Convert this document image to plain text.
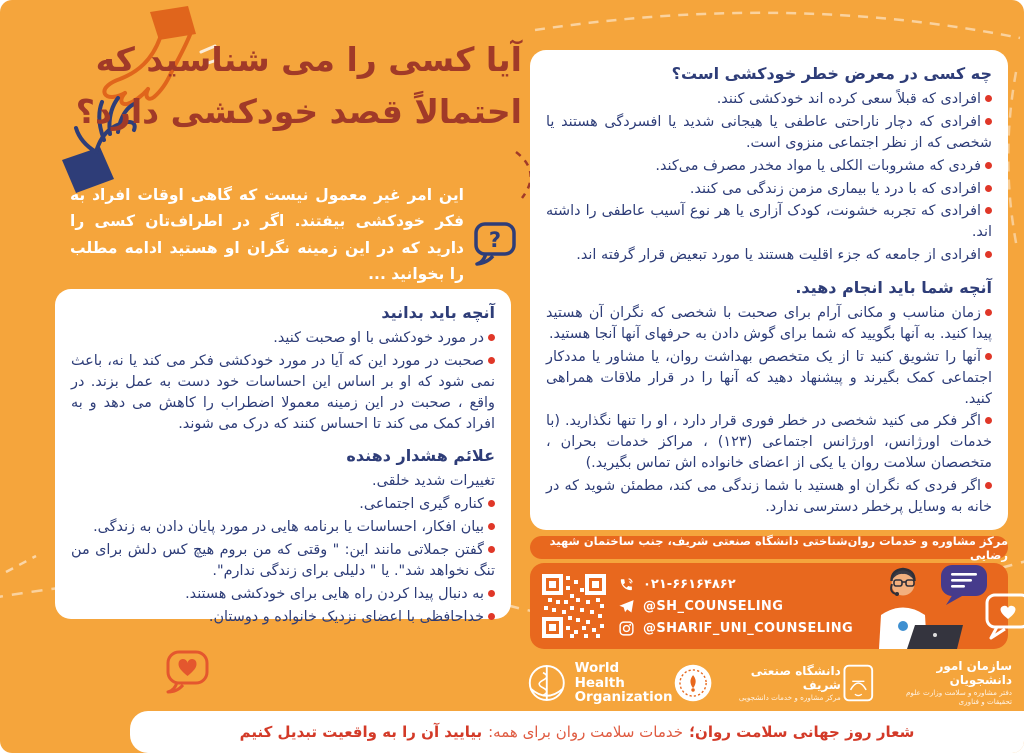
آیا کسی را می شناسید که
احتمالاً قصد خودکشی دارد؟
این امر غیر معمول نیست که گاهی اوقات افراد به فکر خودکشی بیفتند. اگر در اطراف‌تان کسی را دارید که در این زمینه نگران او هستید ادامه مطلب را بخوانید ...
?
چه کسی در معرض خطر خودکشی است؟
افرادی که قبلاً سعی کرده اند خودکشی کنند.
افرادی که دچار ناراحتی عاطفی یا هیجانی شدید یا افسردگی هستند یا شخصی که از نظر اجتماعی منزوی است.
فردی که مشروبات الکلی یا مواد مخدر مصرف می‌کند.
افرادی که با درد یا بیماری مزمن زندگی می کنند.
افرادی که تجربه خشونت، کودک آزاری یا هر نوع آسیب عاطفی را داشته اند.
افرادی از جامعه که جزء اقلیت هستند یا مورد تبعیض قرار گرفته اند.
آنچه شما باید انجام دهید.
زمان مناسب و مکانی آرام برای صحبت با شخصی که نگران آن هستید پیدا کنید. به آنها بگویید که شما برای گوش دادن به حرفهای آنها آنجا هستید.
آنها را تشویق کنید تا از یک متخصص بهداشت روان، یا مشاور یا مددکار اجتماعی کمک بگیرند و پیشنهاد دهید که آنها را در قرار ملاقات همراهی کنید.
اگر فکر می کنید شخصی در خطر فوری قرار دارد ، او را تنها نگذارید. (با خدمات اورژانس، اورژانس اجتماعی (۱۲۳) ، مراکز خدمات بحران ، متخصصان سلامت روان یا یکی از اعضای خانواده اش تماس بگیرید.)
اگر فردی که نگران او هستید با شما زندگی می کند، مطمئن شوید که در خانه به وسایل پرخطر دسترسی ندارد.
آنچه باید بدانید
در مورد خودکشی با او صحبت کنید.
صحبت در مورد این که آیا در مورد خودکشی فکر می کند یا نه، باعث نمی شود که او بر اساس این احساسات خود دست به عمل بزند. در واقع ، صحبت در این زمینه معمولا اضطراب را کاهش می دهد و به افراد کمک می کند تا احساس کنند که درک می شوند.
علائم هشدار دهنده
تغییرات شدید خلقی.
کناره گیری اجتماعی.
بیان افکار، احساسات یا برنامه هایی در مورد پایان دادن به زندگی.
گفتن جملاتی مانند این: " وقتی که من بروم هیچ کس دلش برای من تنگ نخواهد شد". یا " دلیلی برای زندگی ندارم".
به دنبال پیدا کردن راه هایی برای خودکشی هستند.
خداحافظی با اعضای نزدیک خانواده و دوستان.
مرکز مشاوره و خدمات روان‌شناختی دانشگاه صنعتی شریف، جنب ساختمان شهید رضایی
۰۲۱-۶۶۱۶۴۸۶۲
@SH_COUNSELING
@SHARIF_UNI_COUNSELING
World Health
Organization
دانشگاه صنعتی شریف
مرکز مشاوره و خدمات دانشجویی
سازمان امور دانشجویان
دفتر مشاوره و سلامت وزارت علوم
تحقیقات و فناوری
شعار روز جهانی سلامت روان؛
خدمات سلامت روان برای همه:
بیایید آن را به واقعیت تبدیل کنیم
